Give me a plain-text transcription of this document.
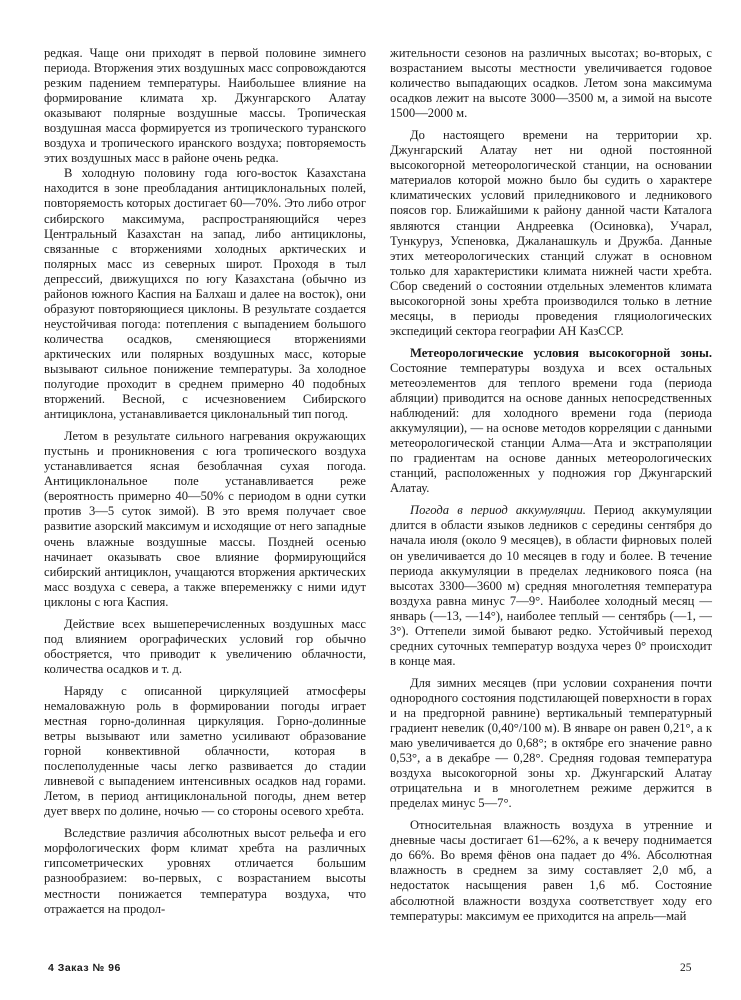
редкая. Чаще они приходят в первой половине зимнего периода. Вторжения этих воздушных масс сопровождаются резким падением температуры. Наибольшее влияние на формирование климата хр. Джунгарского Алатау оказывают полярные воздушные массы. Тропическая воздушная масса формируется из тропического туранского воздуха и тропического иранского воздуха; повторяемость этих воздушных масс в районе очень редка.

В холодную половину года юго-восток Казахстана находится в зоне преобладания антициклональных полей, повторяемость которых достигает 60—70%. Это либо отрог сибирского максимума, распространяющийся через Центральный Казахстан на запад, либо антициклоны, связанные с вторжениями холодных арктических и полярных масс из северных широт. Проходя в тыл депрессий, движущихся по югу Казахстана (обычно из районов южного Каспия на Балхаш и далее на восток), они образуют повторяющиеся циклоны. В результате создается неустойчивая погода: потепления с выпадением большого количества осадков, сменяющиеся вторжениями арктических или полярных воздушных масс, которые вызывают сильное понижение температуры. За холодное полугодие проходит в среднем примерно 40 подобных вторжений. Весной, с исчезновением Сибирского антициклона, устанавливается циклональный тип погод.

Летом в результате сильного нагревания окружающих пустынь и проникновения с юга тропического воздуха устанавливается ясная безоблачная сухая погода. Антициклональное поле устанавливается реже (вероятность примерно 40—50% с периодом в одни сутки против 3—5 суток зимой). В это время получает свое развитие азорский максимум и исходящие от него западные очень влажные воздушные массы. Поздней осенью начинает оказывать свое влияние формирующийся сибирский антициклон, учащаются вторжения арктических масс воздуха с севера, а также впеременжку с ними идут циклоны с юга Каспия.

Действие всех вышеперечисленных воздушных масс под влиянием орографических условий гор обычно обостряется, что приводит к увеличению облачности, количества осадков и т. д.

Наряду с описанной циркуляцией атмосферы немаловажную роль в формировании погоды играет местная горно-долинная циркуляция. Горно-долинные ветры вызывают или заметно усиливают образование горной конвективной облачности, которая в послеполуденные часы легко развивается до стадии ливневой с выпадением интенсивных осадков над горами. Летом, в период антициклональной погоды, днем ветер дует вверх по долине, ночью — со стороны осевого хребта.

Вследствие различия абсолютных высот рельефа и его морфологических форм климат хребта на различных гипсометрических уровнях отличается большим разнообразием: во-первых, с возрастанием высоты местности понижается температура воздуха, что отражается на продол-

жительности сезонов на различных высотах; во-вторых, с возрастанием высоты местности увеличивается годовое количество выпадающих осадков. Летом зона максимума осадков лежит на высоте 3000—3500 м, а зимой на высоте 1500—2000 м.

До настоящего времени на территории хр. Джунгарский Алатау нет ни одной постоянной высокогорной метеорологической станции, на основании материалов которой можно было бы судить о характере климатических условий приледникового и ледникового поясов гор. Ближайшими к району данной части Каталога являются станции Андреевка (Осиновка), Учарал, Тункуруз, Успеновка, Джаланашкуль и Дружба. Данные этих метеорологических станций служат в основном только для характеристики климата нижней части хребта. Сбор сведений о состоянии отдельных элементов климата высокогорной зоны хребта производился только в летние месяцы, в периоды проведения гляциологических экспедиций сектора географии АН КазССР.

Метеорологические условия высокогорной зоны. Состояние температуры воздуха и всех остальных метеоэлементов для теплого времени года (периода абляции) приводится на основе данных непосредственных наблюдений: для холодного времени года (периода аккумуляции), — на основе методов корреляции с данными метеорологической станции Алма—Ата и экстраполяции по градиентам на основе данных метеорологических станций, расположенных у подножия гор Джунгарский Алатау.

Погода в период аккумуляции. Период аккумуляции длится в области языков ледников с середины сентября до начала июля (около 9 месяцев), в области фирновых полей он увеличивается до 10 месяцев в году и более. В течение периода аккумуляции в пределах ледникового пояса (на высотах 3300—3600 м) средняя многолетняя температура воздуха равна минус 7—9°. Наиболее холодный месяц — январь (—13, —14°), наиболее теплый — сентябрь (—1, —3°). Оттепели зимой бывают редко. Устойчивый переход средних суточных температур воздуха через 0° происходит в конце мая.

Для зимних месяцев (при условии сохранения почти однородного состояния подстилающей поверхности в горах и на предгорной равнине) вертикальный температурный градиент невелик (0,40°/100 м). В январе он равен 0,21°, а к маю увеличивается до 0,68°; в октябре его значение равно 0,53°, а в декабре — 0,28°. Средняя годовая температура воздуха высокогорной зоны хр. Джунгарский Алатау отрицательна и в многолетнем режиме держится в пределах минус 5—7°.

Относительная влажность воздуха в утренние и дневные часы достигает 61—62%, а к вечеру поднимается до 66%. Во время фёнов она падает до 4%. Абсолютная влажность в среднем за зиму составляет 2,0 мб, а недостаток насыщения равен 1,6 мб. Состояние абсолютной влажности воздуха соответствует ходу его температуры: максимум ее приходится на апрель—май

4 Заказ № 96	25
